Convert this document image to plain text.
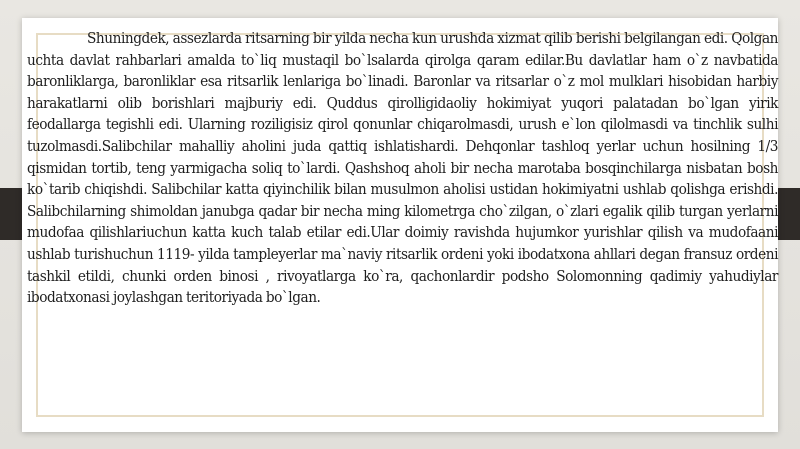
Shuningdek, assezlarda ritsarning bir yilda necha kun urushda xizmat qilib berishi belgilangan edi. Qolgan uchta davlat rahbarlari amalda to`liq mustaqil bo`lsalarda qirolga qaram edilar.Bu davlatlar ham o`z navbatida baronliklarga, baronliklar esa ritsarlik lenlariga bo`linadi. Baronlar va ritsarlar o`z mol mulklari hisobidan harbiy harakatlarni olib borishlari majburiy edi. Quddus qirolligidaoliy hokimiyat yuqori palatadan bo`lgan yirik feodallarga tegishli edi. Ularning roziligisiz qirol qonunlar chiqarolmasdi, urush e`lon qilolmasdi va tinchlik sulhi tuzolmasdi.Salibchilar mahalliy aholini juda qattiq ishlatishardi. Dehqonlar tashloq yerlar uchun hosilning 1/3 qismidan tortib, teng yarmigacha soliq to`lardi. Qashshoq aholi bir necha marotaba bosqinchilarga nisbatan bosh ko`tarib chiqishdi. Salibchilar katta qiyinchilik bilan musulmon aholisi ustidan hokimiyatni ushlab qolishga erishdi. Salibchilarning shimoldan janubga qadar bir necha ming kilometrga cho`zilgan, o`zlari egalik qilib turgan yerlarni mudofaa qilishlariuchun katta kuch talab etilar edi.Ular doimiy ravishda hujumkor yurishlar qilish va mudofaani ushlab turishuchun 1119- yilda tampleyerlar ma`naviy ritsarlik ordeni yoki ibodatxona ahllari degan fransuz ordeni tashkil etildi, chunki orden binosi , rivoyatlarga ko`ra, qachonlardir podsho Solomonning qadimiy yahudiylar ibodatxonasi joylashgan teritoriyada bo`lgan.
